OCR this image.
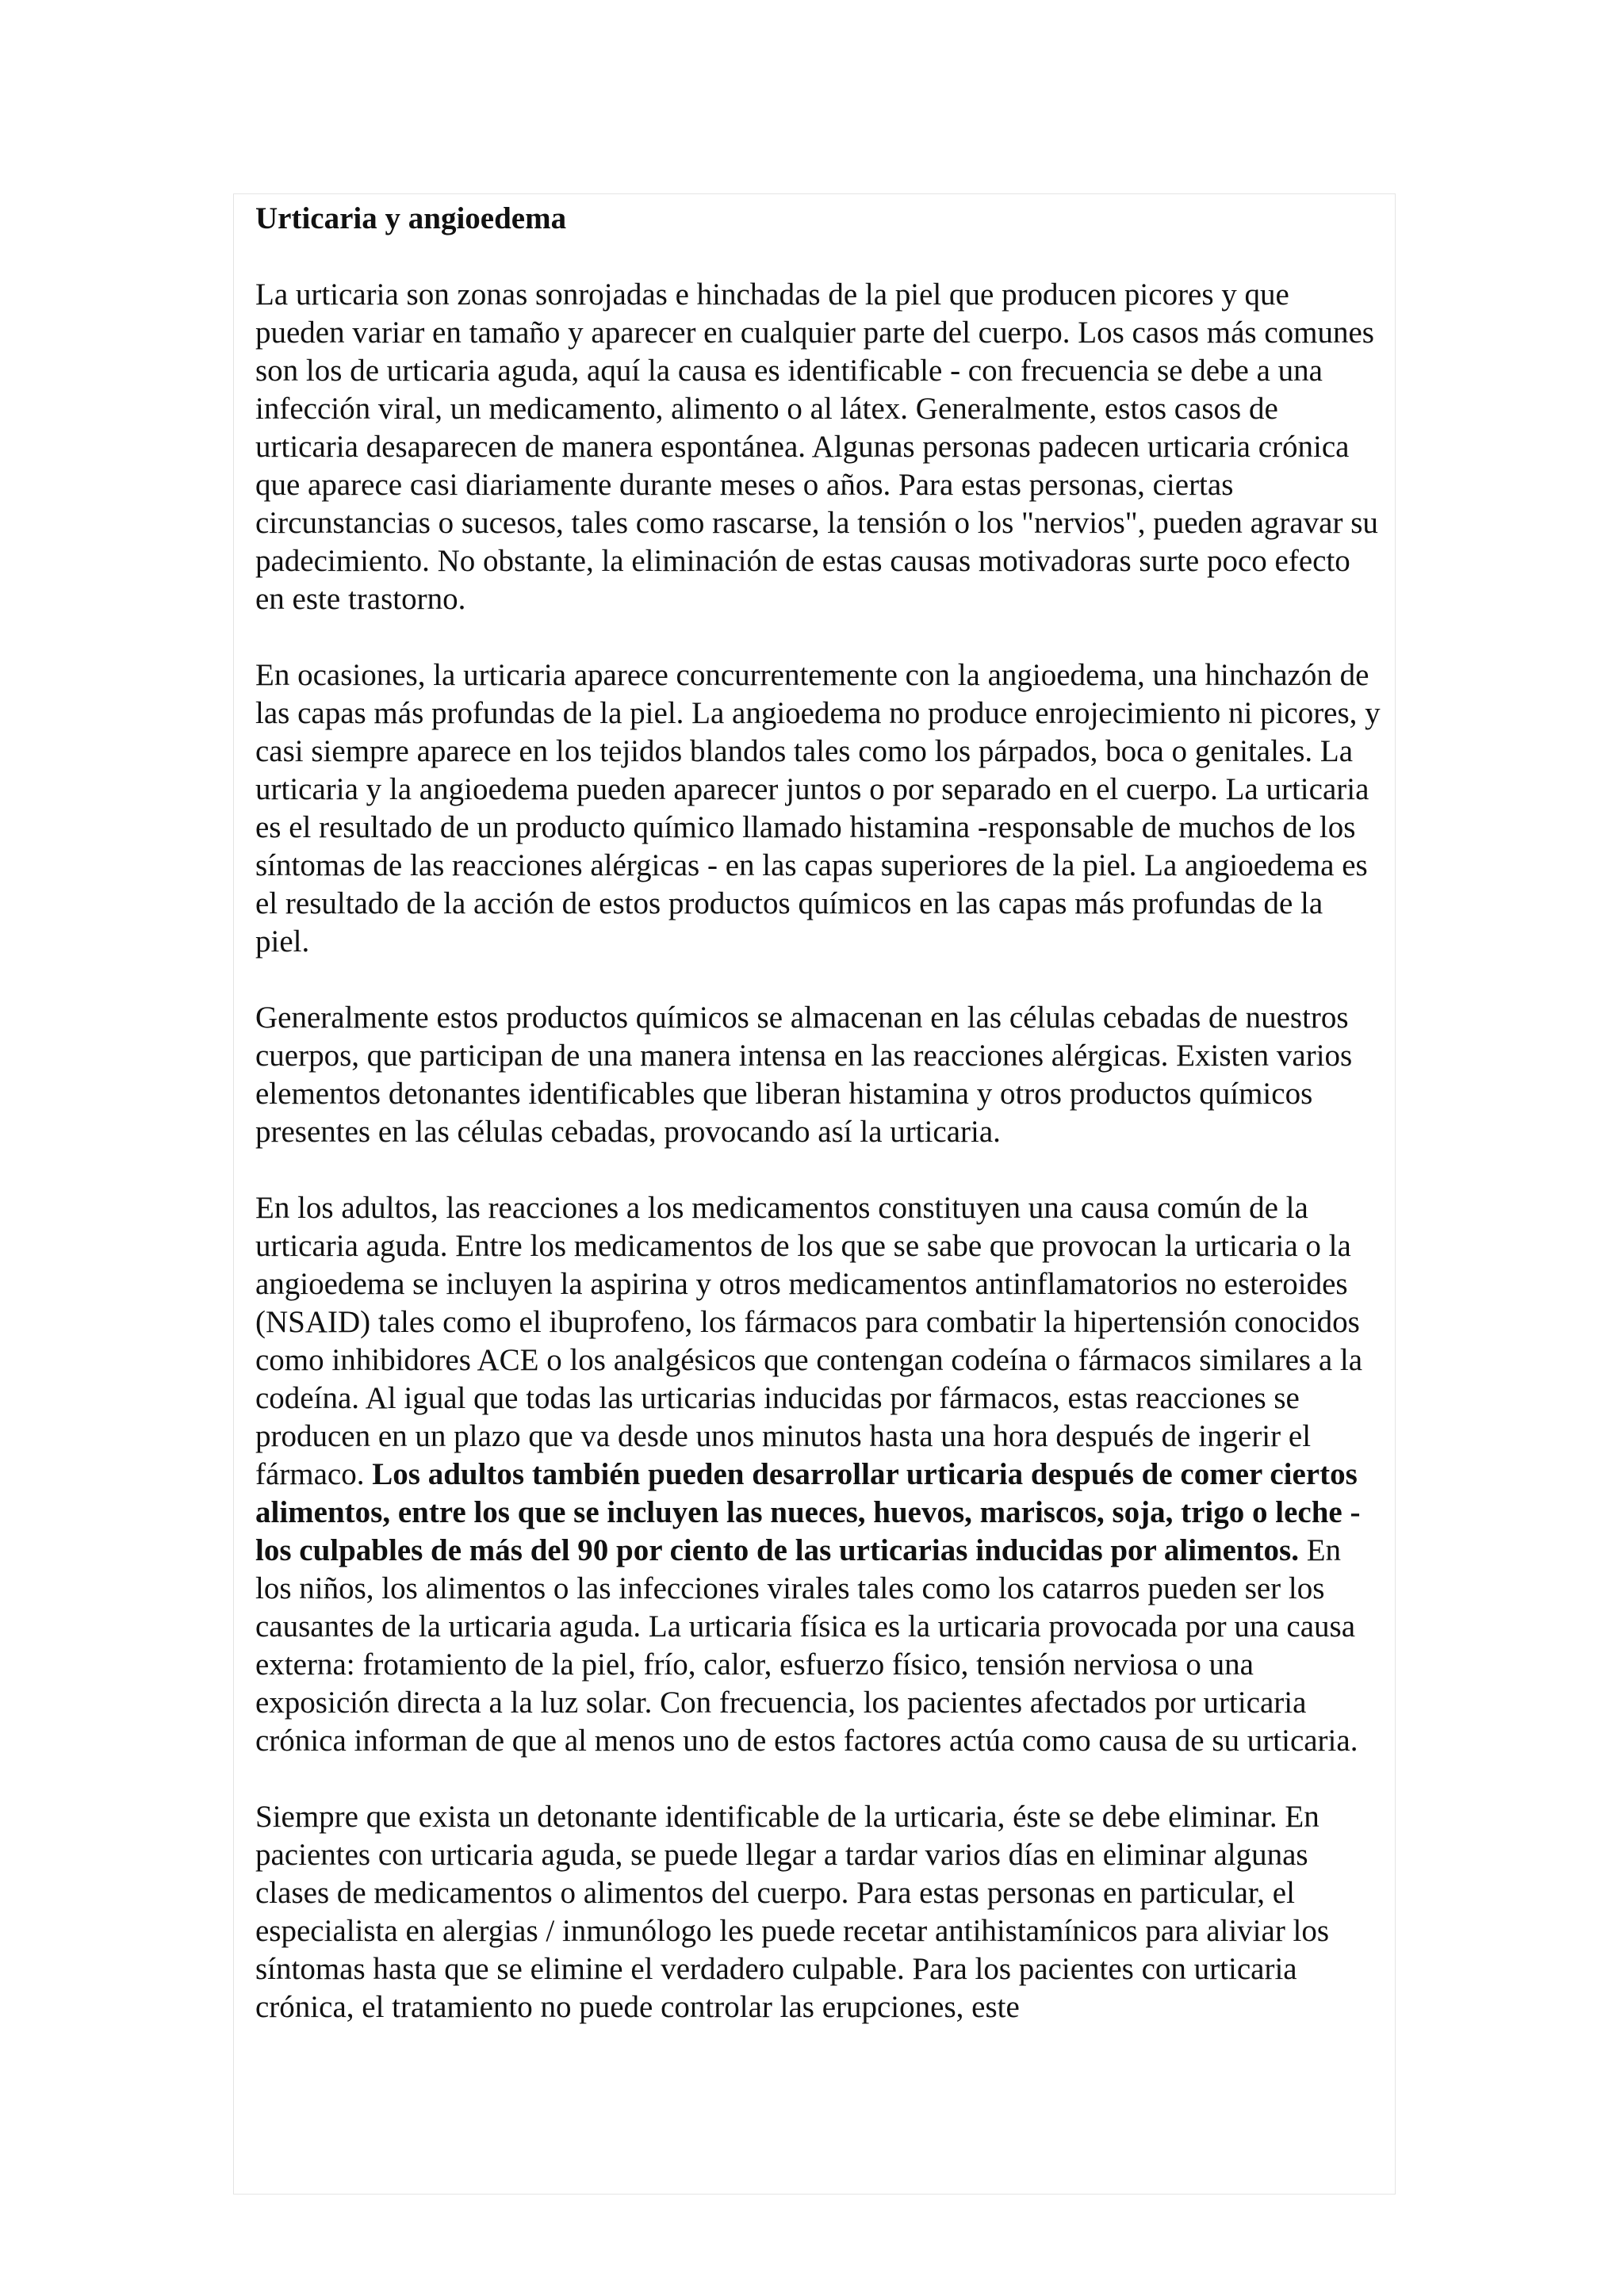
Urticaria y angioedema

La urticaria son zonas sonrojadas e hinchadas de la piel que producen picores y que pueden variar en tamaño y aparecer en cualquier parte del cuerpo. Los casos más comunes son los de urticaria aguda, aquí la causa es identificable - con frecuencia se debe a una infección viral, un medicamento, alimento o al látex. Generalmente, estos casos de urticaria desaparecen de manera espontánea. Algunas personas padecen urticaria crónica que aparece casi diariamente durante meses o años. Para estas personas, ciertas circunstancias o sucesos, tales como rascarse, la tensión o los "nervios", pueden agravar su padecimiento. No obstante, la eliminación de estas causas motivadoras surte poco efecto en este trastorno.

En ocasiones, la urticaria aparece concurrentemente con la angioedema, una hinchazón de las capas más profundas de la piel. La angioedema no produce enrojecimiento ni picores, y casi siempre aparece en los tejidos blandos tales como los párpados, boca o genitales. La urticaria y la angioedema pueden aparecer juntos o por separado en el cuerpo. La urticaria es el resultado de un producto químico llamado histamina -responsable de muchos de los síntomas de las reacciones alérgicas - en las capas superiores de la piel. La angioedema es el resultado de la acción de estos productos químicos en las capas más profundas de la piel.

Generalmente estos productos químicos se almacenan en las células cebadas de nuestros cuerpos, que participan de una manera intensa en las reacciones alérgicas. Existen varios elementos detonantes identificables que liberan histamina y otros productos químicos presentes en las células cebadas, provocando así la urticaria.

En los adultos, las reacciones a los medicamentos constituyen una causa común de la urticaria aguda. Entre los medicamentos de los que se sabe que provocan la urticaria o la angioedema se incluyen la aspirina y otros medicamentos antinflamatorios no esteroides (NSAID) tales como el ibuprofeno, los fármacos para combatir la hipertensión conocidos como inhibidores ACE o los analgésicos que contengan codeína o fármacos similares a la codeína. Al igual que todas las urticarias inducidas por fármacos, estas reacciones se producen en un plazo que va desde unos minutos hasta una hora después de ingerir el fármaco. Los adultos también pueden desarrollar urticaria después de comer ciertos alimentos, entre los que se incluyen las nueces, huevos, mariscos, soja, trigo o leche - los culpables de más del 90 por ciento de las urticarias inducidas por alimentos. En los niños, los alimentos o las infecciones virales tales como los catarros pueden ser los causantes de la urticaria aguda. La urticaria física es la urticaria provocada por una causa externa: frotamiento de la piel, frío, calor, esfuerzo físico, tensión nerviosa o una exposición directa a la luz solar. Con frecuencia, los pacientes afectados por urticaria crónica informan de que al menos uno de estos factores actúa como causa de su urticaria.

Siempre que exista un detonante identificable de la urticaria, éste se debe eliminar. En pacientes con urticaria aguda, se puede llegar a tardar varios días en eliminar algunas clases de medicamentos o alimentos del cuerpo. Para estas personas en particular, el especialista en alergias / inmunólogo les puede recetar antihistamínicos para aliviar los síntomas hasta que se elimine el verdadero culpable. Para los pacientes con urticaria crónica, el tratamiento no puede controlar las erupciones, este
